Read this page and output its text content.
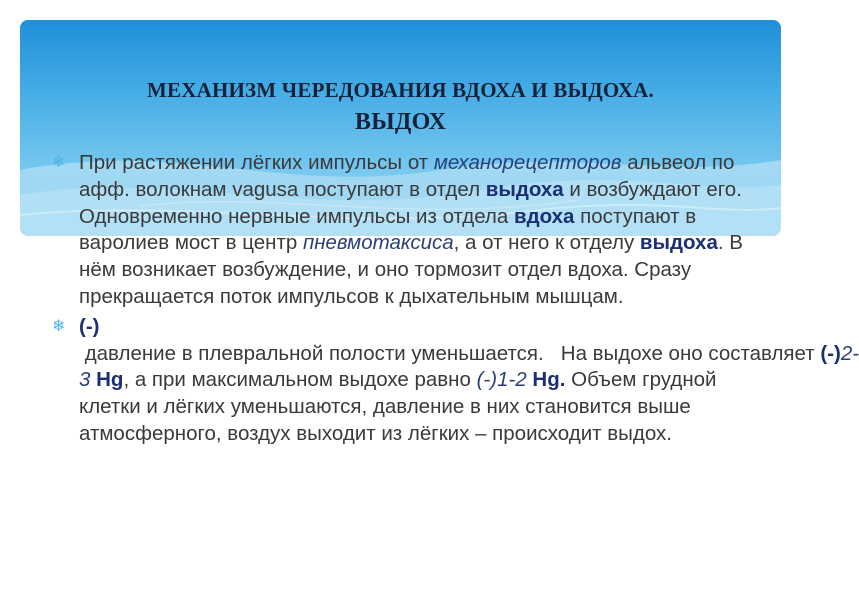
МЕХАНИЗМ ЧЕРЕДОВАНИЯ ВДОХА И ВЫДОХА.
ВЫДОХ
❄ При растяжении лёгких импульсы от механорецепторов альвеол по афф. волокнам vagusа поступают в отдел выдоха и возбуждают его. Одновременно нервные импульсы из отдела вдоха поступают в варолиев мост в центр пневмотаксиса, а от него к отделу выдоха. В нём возникает возбуждение, и оно тормозит отдел вдоха. Сразу прекращается поток импульсов к дыхательным мышцам.
❄ (-) давление в плевральной полости уменьшается.   На выдохе оно составляет (-)2-3 Hg, а при максимальном выдохе равно (-)1-2 Hg. Объем грудной клетки и лёгких уменьшаются, давление в них становится выше атмосферного, воздух выходит из лёгких – происходит выдох.
